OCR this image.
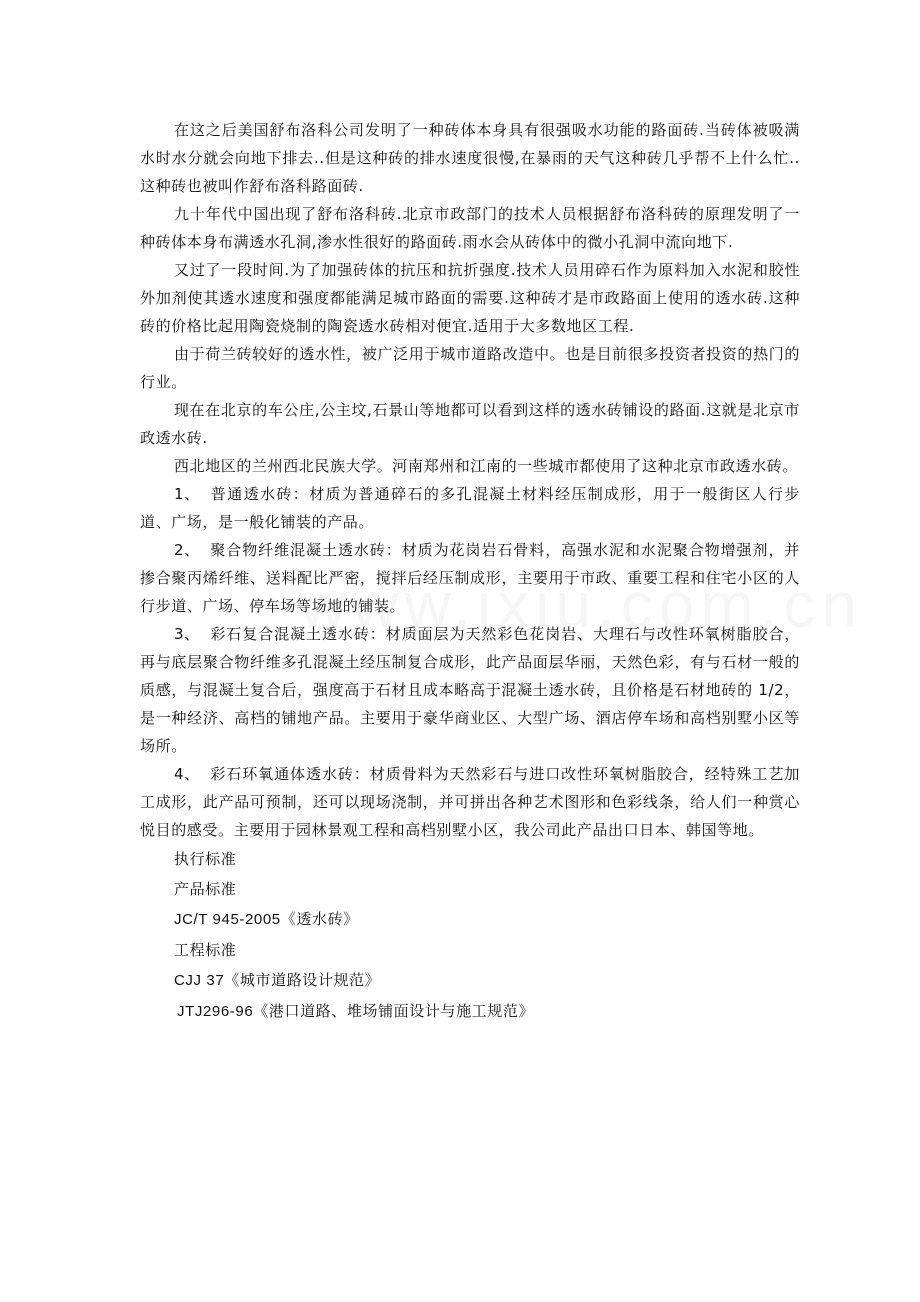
在这之后美国舒布洛科公司发明了一种砖体本身具有很强吸水功能的路面砖.当砖体被吸满水时水分就会向地下排去..但是这种砖的排水速度很慢,在暴雨的天气这种砖几乎帮不上什么忙..这种砖也被叫作舒布洛科路面砖.

九十年代中国出现了舒布洛科砖.北京市政部门的技术人员根据舒布洛科砖的原理发明了一种砖体本身布满透水孔洞,渗水性很好的路面砖.雨水会从砖体中的微小孔洞中流向地下.

又过了一段时间.为了加强砖体的抗压和抗折强度.技术人员用碎石作为原料加入水泥和胶性外加剂使其透水速度和强度都能满足城市路面的需要.这种砖才是市政路面上使用的透水砖.这种砖的价格比起用陶瓷烧制的陶瓷透水砖相对便宜.适用于大多数地区工程.

由于荷兰砖较好的透水性，被广泛用于城市道路改造中。也是目前很多投资者投资的热门的行业。

现在在北京的车公庄,公主坟,石景山等地都可以看到这样的透水砖铺设的路面.这就是北京市政透水砖.

西北地区的兰州西北民族大学。河南郑州和江南的一些城市都使用了这种北京市政透水砖。

1、 普通透水砖：材质为普通碎石的多孔混凝土材料经压制成形，用于一般街区人行步道、广场，是一般化铺装的产品。

2、 聚合物纤维混凝土透水砖：材质为花岗岩石骨料，高强水泥和水泥聚合物增强剂，并掺合聚丙烯纤维、送料配比严密，搅拌后经压制成形，主要用于市政、重要工程和住宅小区的人行步道、广场、停车场等场地的铺装。

3、 彩石复合混凝土透水砖：材质面层为天然彩色花岗岩、大理石与改性环氧树脂胶合，再与底层聚合物纤维多孔混凝土经压制复合成形，此产品面层华丽，天然色彩，有与石材一般的质感，与混凝土复合后，强度高于石材且成本略高于混凝土透水砖，且价格是石材地砖的 1/2，是一种经济、高档的铺地产品。主要用于豪华商业区、大型广场、酒店停车场和高档别墅小区等场所。

4、 彩石环氧通体透水砖：材质骨料为天然彩石与进口改性环氧树脂胶合，经特殊工艺加工成形，此产品可预制，还可以现场浇制，并可拼出各种艺术图形和色彩线条，给人们一种赏心悦目的感受。主要用于园林景观工程和高档别墅小区，我公司此产品出口日本、韩国等地。

执行标准

产品标准

JC/T 945-2005《透水砖》

工程标准

CJJ 37《城市道路设计规范》

JTJ296-96《港口道路、堆场铺面设计与施工规范》
